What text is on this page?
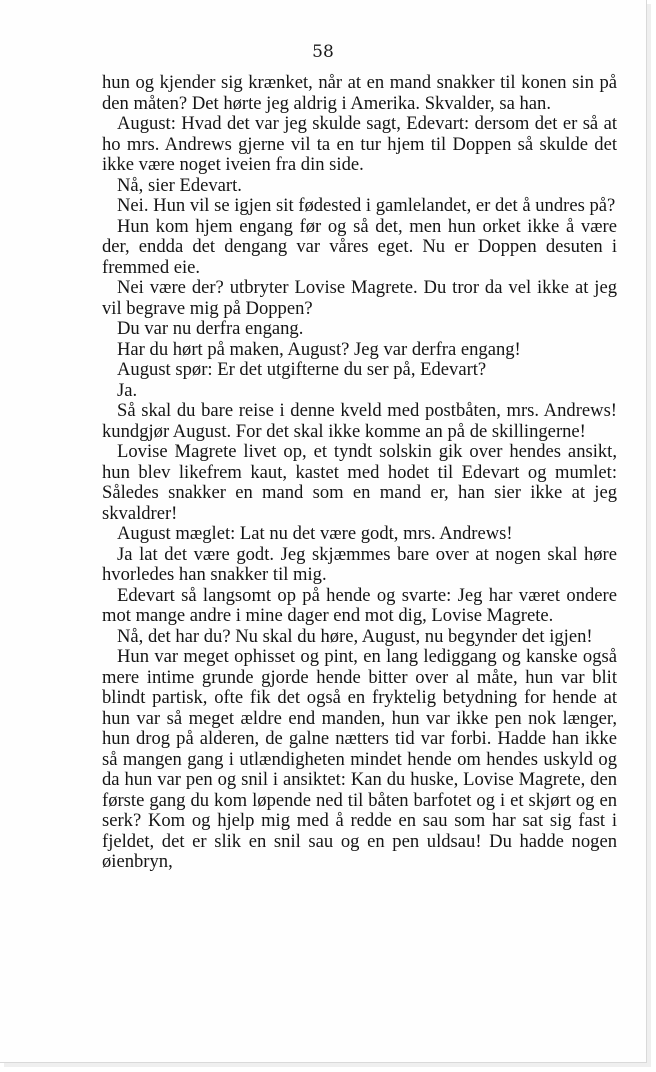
58

hun og kjender sig krænket, når at en mand snakker til konen sin på den måten? Det hørte jeg aldrig i Amerika. Skvalder, sa han.

August: Hvad det var jeg skulde sagt, Edevart: dersom det er så at ho mrs. Andrews gjerne vil ta en tur hjem til Doppen så skulde det ikke være noget iveien fra din side.

Nå, sier Edevart.

Nei. Hun vil se igjen sit fødested i gamlelandet, er det å undres på?

Hun kom hjem engang før og så det, men hun orket ikke å være der, endda det dengang var våres eget. Nu er Doppen desuten i fremmed eie.

Nei være der? utbryter Lovise Magrete. Du tror da vel ikke at jeg vil begrave mig på Doppen?

Du var nu derfra engang.

Har du hørt på maken, August? Jeg var derfra engang!

August spør: Er det utgifterne du ser på, Edevart?

Ja.

Så skal du bare reise i denne kveld med postbåten, mrs. Andrews! kundgjør August. For det skal ikke komme an på de skillingerne!

Lovise Magrete livet op, et tyndt solskin gik over hendes ansikt, hun blev likefrem kaut, kastet med hodet til Edevart og mumlet: Således snakker en mand som en mand er, han sier ikke at jeg skvaldrer!

August mæglet: Lat nu det være godt, mrs. Andrews!

Ja lat det være godt. Jeg skjæmmes bare over at nogen skal høre hvorledes han snakker til mig.

Edevart så langsomt op på hende og svarte: Jeg har været ondere mot mange andre i mine dager end mot dig, Lovise Magrete.

Nå, det har du? Nu skal du høre, August, nu begynder det igjen!

Hun var meget ophisset og pint, en lang lediggang og kanske også mere intime grunde gjorde hende bitter over al måte, hun var blit blindt partisk, ofte fik det også en fryktelig betydning for hende at hun var så meget ældre end manden, hun var ikke pen nok længer, hun drog på alderen, de galne nætters tid var forbi. Hadde han ikke så mangen gang i utlændigheten mindet hende om hendes uskyld og da hun var pen og snil i ansiktet: Kan du huske, Lovise Magrete, den første gang du kom løpende ned til båten barfotet og i et skjørt og en serk? Kom og hjelp mig med å redde en sau som har sat sig fast i fjeldet, det er slik en snil sau og en pen uldsau! Du hadde nogen øienbryn,
